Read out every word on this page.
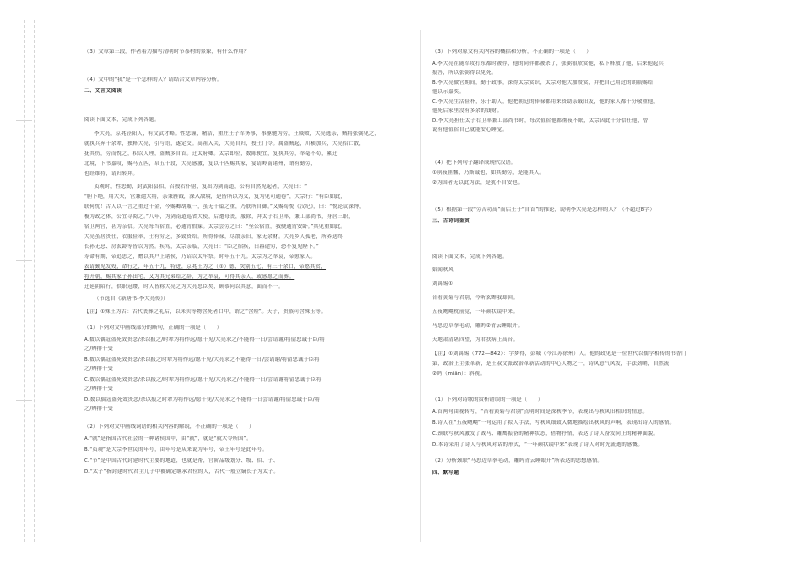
（3）文章第三段，作者着力描写清明时节茶村的景象，有什么作用？
（4）文中的“我”是一个怎样的人？请结合文章内容分析。
二、文言文阅读
阅读下面文本，完成下列各题。
李大亮，京兆泾阳人，有文武才略。性忠谨，精洁，重庄王子军务事，事驱驰为劳，王威败，大亮逃亲，贼将张弼见之，
就执兵弃十余辈，独释大亮，引与语，遂定交。高祖入关，大亮自归，授土门令。属盗贼起，川横加兵，大亮招亡散，
抚其伤，劳而悦之，积以人理，盗贼多自首。迁太府卿。太宗即位，数陈便宜，复执其劳，举毫不苟，累迁
北境，下书嘉叹，赐马五匹，帛五十段，大亮感激，复以十匹赐其家，宴请岭南诸州，谓有勤劳，
也经维持，请归转拜。
贞观时，性忠勤，封武阳县伯，召授右仆射，复出为剑南道，公有自然见起者，大亮曰：“
“胆下绝，用大夫，官兼遣大将，亲秉旌钺，深入敌境，是皆所以为义，复为见可通卷”，大宗行：“有臣如此，
联何忧！古人以一言之重过千金，今赐卿胡瓶一，虽无千镒之重，乃朕所自御。”又赐荀悦《汉纪》，曰：“悦论议深博，
极为政之体，公宜寻阅之。”八年，为剑南道巡省大使，后遭母丧，服除，拜太子右卫率，兼工部尚书，身居三职，
宿卫两宫，甚为亲信。大亮每当宿直，必通宵假寐。太宗尝劳之曰：“至公宿直，我便通宵安卧。”其见重如此。
大亮虽居贵仕，衣服俭率，士有穷乏，多致资给。所得俸禄，尽散亲旧，家无余财。大亮乡人孤老，所养送终
长孙无忌、房玄龄等皆以为然。疾笃，太宗亲临，大亮曰：“臣之宿疾，日暮途穷，恐不复见陛下。”
寿命有期，帝追思之，赠以其户上诸侯，乃诏以太牢祭。时年五十九。太宗为之举哀，帝慰家人。
表请觐见发殁，命行之，年五十九，特进，京兆王为之（①）德，哭别五七，有三十余口，帝愍其贫，
将升朝，赐其家子孙田宅，又为其兄弟给之辞，为之举哀，可得其亲人，或感愿之而葬。
迁延阴陌行，供职冠缨，时人皆称大亮之为大亮忠臣矣，顾恭问以其意，面而不一。
（节选自《新唐书·李大亮传》）
【注】①殊王为古：古代丧葬之礼后，以米贝等物含死者口中，谓之“含殓”。天子，贵族可含殊玉等。
（1）下列对文中画线部分的断句，正确的一项是（　　）
A.数以偶寇盗死效贵念/杀以报之/时辈为将作远/愿干见/大亮求之/不能得一日/尝请谢/将留忠诚于臣/将
之/辨排干受
B.数以偶寇盗死效贵念/杀以报之时辈为将作远/愿干见/大亮求之不能得一日/尝请谢/将留忠诚于臣将
之/辨排干受
C.数以偶寇盗死效贵念/杀以报之/时辈为将作远/愿干见/大亮求之/不能得一日/尝请谢将留忠诚于臣将
之/辨排干受
D.数以偶寇盗死效贵念/杀以报之时辈为将作远/愿干见/大亮求之不能得一日尝请谢/将留忠诚于臣/将
之/辨排干受
（2）下列对文中画线词语的相关内容的解说，不正确的一项是（　　）
A.“就”是指国古代社会的一种诸侯国中，由“就”，就是“就大令所国”。
B.“贞观”是大宗李世民的年号，由年号是从来说为年号，帝王年号是此年号。
C.“节”是中国古代封建时代主要的地道，也就是帮，官阶品级划分、级、伯、子、
D.“太子”指封建时代君主儿子中被确定继承君位的人，古代一般立嫡长子为太子。
（3）下列对原文有关内容的概括和分析，不正确的一项是（　　）
A.李大亮在随军攻打东都时被俘，他的同伴都被杀了，张弼很欣赏他，私下释放了他，后来他起兵
报答，所以张弼得以免死。
B.李大亮做官期间，勤于政事，深得太宗赏识，太宗对他大加赞赏，并把自己用过的胡瓶赐给
他以示嘉奖。
C.李大亮生活俭朴，乐于助人，他把朝廷的俸禄都用来资助亲戚旧友，他的家人都十分敬重他，
他死后家里没有多余的钱财。
D.李大亮担任太子右卫率兼工部尚书时，每次值宿他都彻夜不眠，太宗因此十分信任他，曾
说有他值宿自己就能安心睡觉。
（4）把下列句子翻译成现代汉语。
①夙夜匪懈，乃斯诚也，如其勤劳，是能其人。
②为国者无以此为法，是犹不自安也。
（5）根据第一段“劳苦功高”而后王于“自首”的推论，说明李大亮是怎样的人？（不超过8字）
三、古诗词鉴赏
阅读下面文本，完成下列各题。
始闻秋风
刘禹锡①
昔看黄菊与君别，今听玄蝉我却回。
五夜飕飗枕前觉，一年颜状镜中来。
马思边草拳毛动，雕眄②青云睡眼开。
天地肃清堪四望，为君扶病上高台。
【注】①刘禹锡（772—842）：字梦得，彭城（今江苏徐州）人。他的政见是一位世代以儒学相传的书香门
第，政治上主张革新，是王叔文派政治革新活动的中心人物之一，诗风意气风发，手法劲峭，自然流
②眄（miǎn）：斜视。
（1）下列对诗歌的赏析错误的一项是（　　）
A.首两句由视转写，“昔看黄菊与君别”点明时间是深秋季节，表现出与秋风旧相识的情意。
B.诗人在“五夜飕飗”一句运用了拟人手法，写秋风细致入微地描绘出秋风的声响，表现出诗人的感情。
C.颈联写秋风激发了战马、雕鹰振奋的精神状态，借物抒情，表达了诗人奋发向上的精神面貌。
D.本诗采用了诗人与秋风对话的形式，“一年颜状镜中来”表现了诗人对时光流逝的感慨。
（2）分析颈联“马思边草拳毛动，雕眄青云睡眼开”所表达的思想感情。
四、默写题
